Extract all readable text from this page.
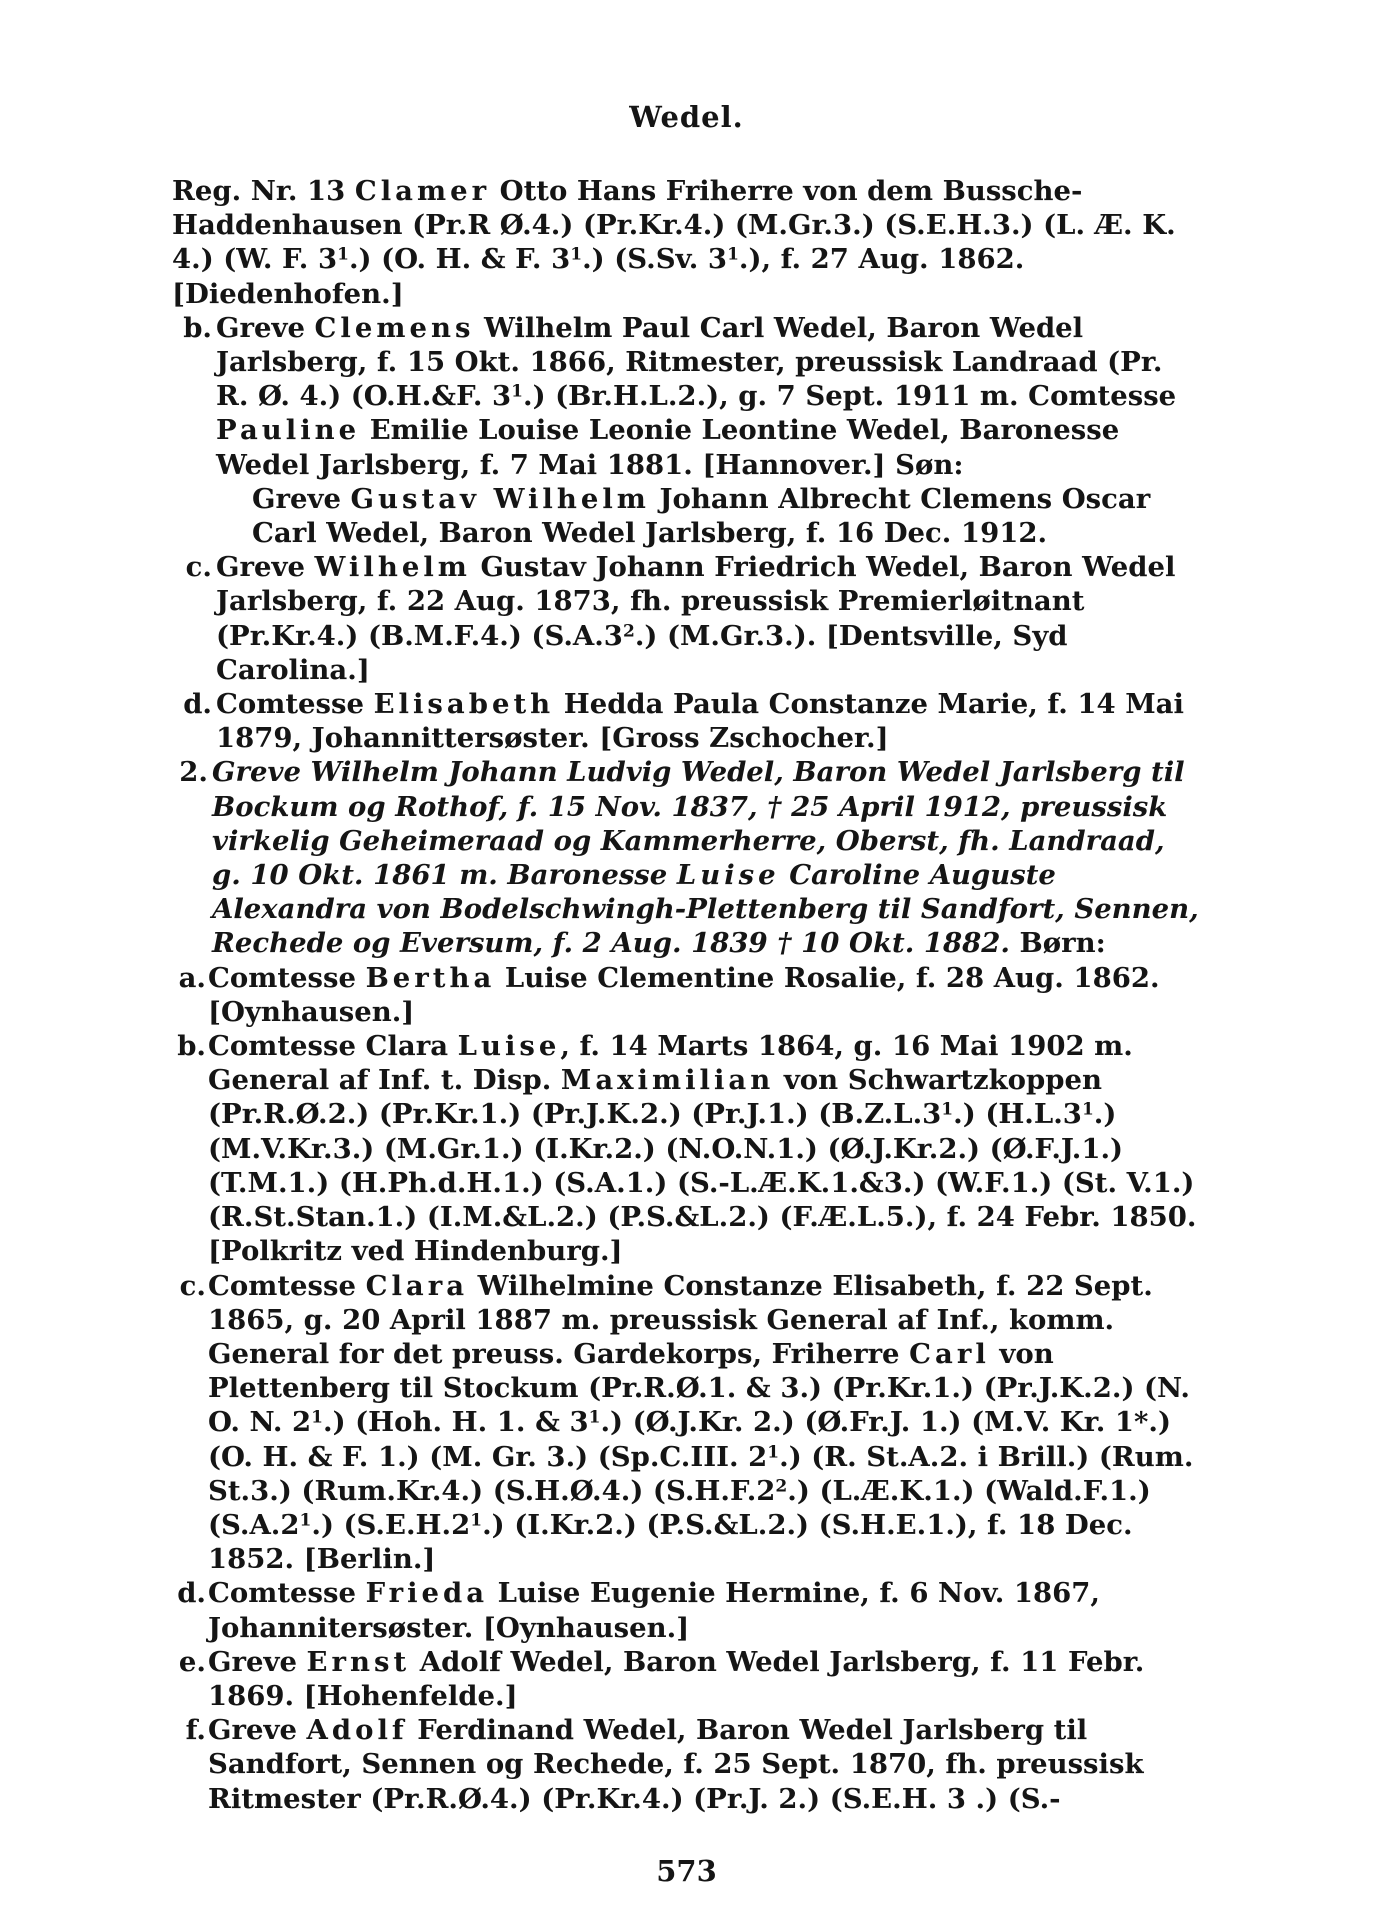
Wedel.

Reg. Nr. 13 Clamer Otto Hans Friherre von dem Bussche-Haddenhausen (Pr.R Ø.4.) (Pr.Kr.4.) (M.Gr.3.) (S.E.H.3.) (L. Æ. K. 4.) (W. F. $3^1$.) (O. H. & F. $3^1$.) (S.Sv. $3^1$.), f. 27 Aug. 1862. [Diedenhofen.]

b. Greve Clemens Wilhelm Paul Carl Wedel, Baron Wedel Jarlsberg, f. 15 Okt. 1866, Ritmester, preussisk Landraad (Pr. R. Ø. 4.) (O.H.&F. $3^1$.) (Br.H.L.2.), g. 7 Sept. 1911 m. Comtesse Pauline Emilie Louise Leonie Leontine Wedel, Baronesse Wedel Jarlsberg, f. 7 Mai 1881. [Hannover.] Søn:

Greve Gustav Wilhelm Johann Albrecht Clemens Oscar Carl Wedel, Baron Wedel Jarlsberg, f. 16 Dec. 1912.

c. Greve Wilhelm Gustav Johann Friedrich Wedel, Baron Wedel Jarlsberg, f. 22 Aug. 1873, fh. preussisk Premierløitnant (Pr.Kr.4.) (B.M.F.4.) $(S.A.3^2.)$ (M.Gr.3.). [Dentsville, Syd Carolina.]

d. Comtesse Elisabeth Hedda Paula Constanze Marie, f. 14 Mai 1879, Johannittersøster. [Gross Zschocher.]

2. Greve Wilhelm Johann Ludvig Wedel, Baron Wedel Jarlsberg til Bockum og Rothof, f. 15 Nov. 1837, † 25 April 1912, preussisk virkelig Geheimeraad og Kammerherre, Oberst, fh. Landraad, g. 10 Okt. 1861 m. Baronesse Luise Caroline Auguste Alexandra von Bodelschwingh-Plettenberg til Sandfort, Sennen, Rechede og Eversum, f. 2 Aug. 1839 † 10 Okt. 1882. Børn:

a. Comtesse Bertha Luise Clementine Rosalie, f. 28 Aug. 1862. [Oynhausen.]

b. Comtesse Clara Luise, f. 14 Marts 1864, g. 16 Mai 1902 m. General af Inf. t. Disp. Maximilian von Schwartzkoppen (Pr.R.Ø.2.) (Pr.Kr.1.) (Pr.J.K.2.) (Pr.J.1.) $(B.Z.L.3^1.)$ $(H.L.3^1.)$ (M.V.Kr.3.) (M.Gr.1.) (I.Kr.2.) (N.O.N.1.) (Ø.J.Kr.2.) (Ø.F.J.1.) (T.M.1.) (H.Ph.d.H.1.) (S.A.1.) (S.-L.Æ.K.1.&3.) (W.F.1.) (St. V.1.) (R.St.Stan.1.) (I.M.&L.2.) (P.S.&L.2.) (F.Æ.L.5.), f. 24 Febr. 1850. [Polkritz ved Hindenburg.]

c. Comtesse Clara Wilhelmine Constanze Elisabeth, f. 22 Sept. 1865, g. 20 April 1887 m. preussisk General af Inf., komm. General for det preuss. Gardekorps, Friherre Carl von Plettenberg til Stockum (Pr.R.Ø.1. & 3.) (Pr.Kr.1.) (Pr.J.K.2.) (N. O. N. $2^1$.) (Hoh. H. 1. & $3^1$.) (Ø.J.Kr. 2.) (Ø.Fr.J. 1.) (M.V. Kr. 1*.) (O. H. & F. 1.) (M. Gr. 3.) (Sp.C.III. $2^1$.) (R. St.A.2. i Brill.) (Rum. St.3.) (Rum.Kr.4.) (S.H.Ø.4.) $(S.H.F.2^2.)$ (L.Æ.K.1.) (Wald.F.1.) $(S.A.2^1.)$ $(S.E.H.2^1.)$ (I.Kr.2.) (P.S.&L.2.) (S.H.E.1.), f. 18 Dec. 1852. [Berlin.]

d. Comtesse Frieda Luise Eugenie Hermine, f. 6 Nov. 1867, Johannitersøster. [Oynhausen.]

e. Greve Ernst Adolf Wedel, Baron Wedel Jarlsberg, f. 11 Febr. 1869. [Hohenfelde.]

f. Greve Adolf Ferdinand Wedel, Baron Wedel Jarlsberg til Sandfort, Sennen og Rechede, f. 25 Sept. 1870, fh. preussisk Ritmester (Pr.R.Ø.4.) (Pr.Kr.4.) (Pr.J. 2.) (S.E.H. 3 .) (S.-

573
